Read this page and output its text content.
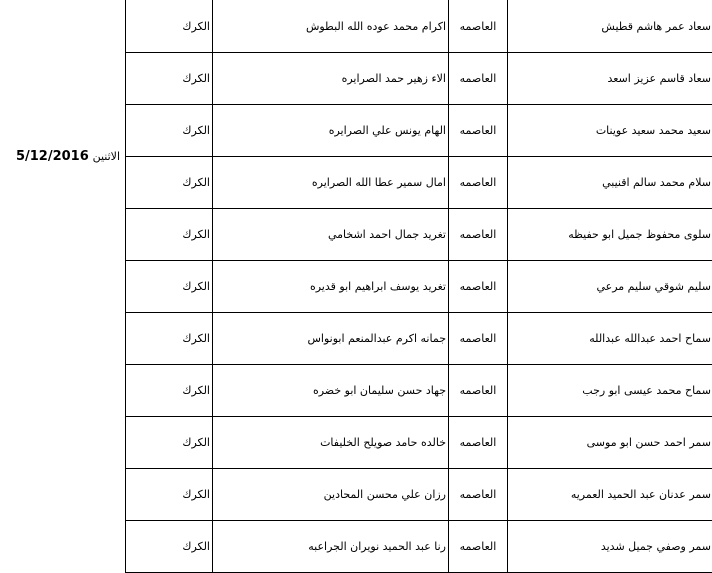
الاثنين 5/12/2016
سعاد عمر هاشم قطيش	العاصمه	اكرام محمد عوده الله البطوش	الكرك
سعاد قاسم عزيز اسعد	العاصمه	الاء زهير حمد الصرايره	الكرك
سعيد محمد سعيد عوينات	العاصمه	الهام يونس علي الصرايره	الكرك
سلام محمد سالم اقنيبي	العاصمه	امال سمير عطا الله الصرايره	الكرك
سلوى محفوظ جميل ابو حفيظه	العاصمه	تغريد جمال احمد اشخامي	الكرك
سليم شوقي سليم مرعي	العاصمه	تغريد يوسف ابراهيم ابو قديره	الكرك
سماح احمد عبدالله عبدالله	العاصمه	جمانه اكرم عبدالمنعم ابونواس	الكرك
سماح محمد عيسى ابو رجب	العاصمه	جهاد حسن سليمان ابو خضره	الكرك
سمر احمد حسن ابو موسى	العاصمه	خالده حامد صويلح الخليفات	الكرك
سمر عدنان عبد الحميد العمريه	العاصمه	رزان علي محسن المحادين	الكرك
سمر وصفي جميل شديد	العاصمه	رنا عبد الحميد نويران الجراعبه	الكرك
